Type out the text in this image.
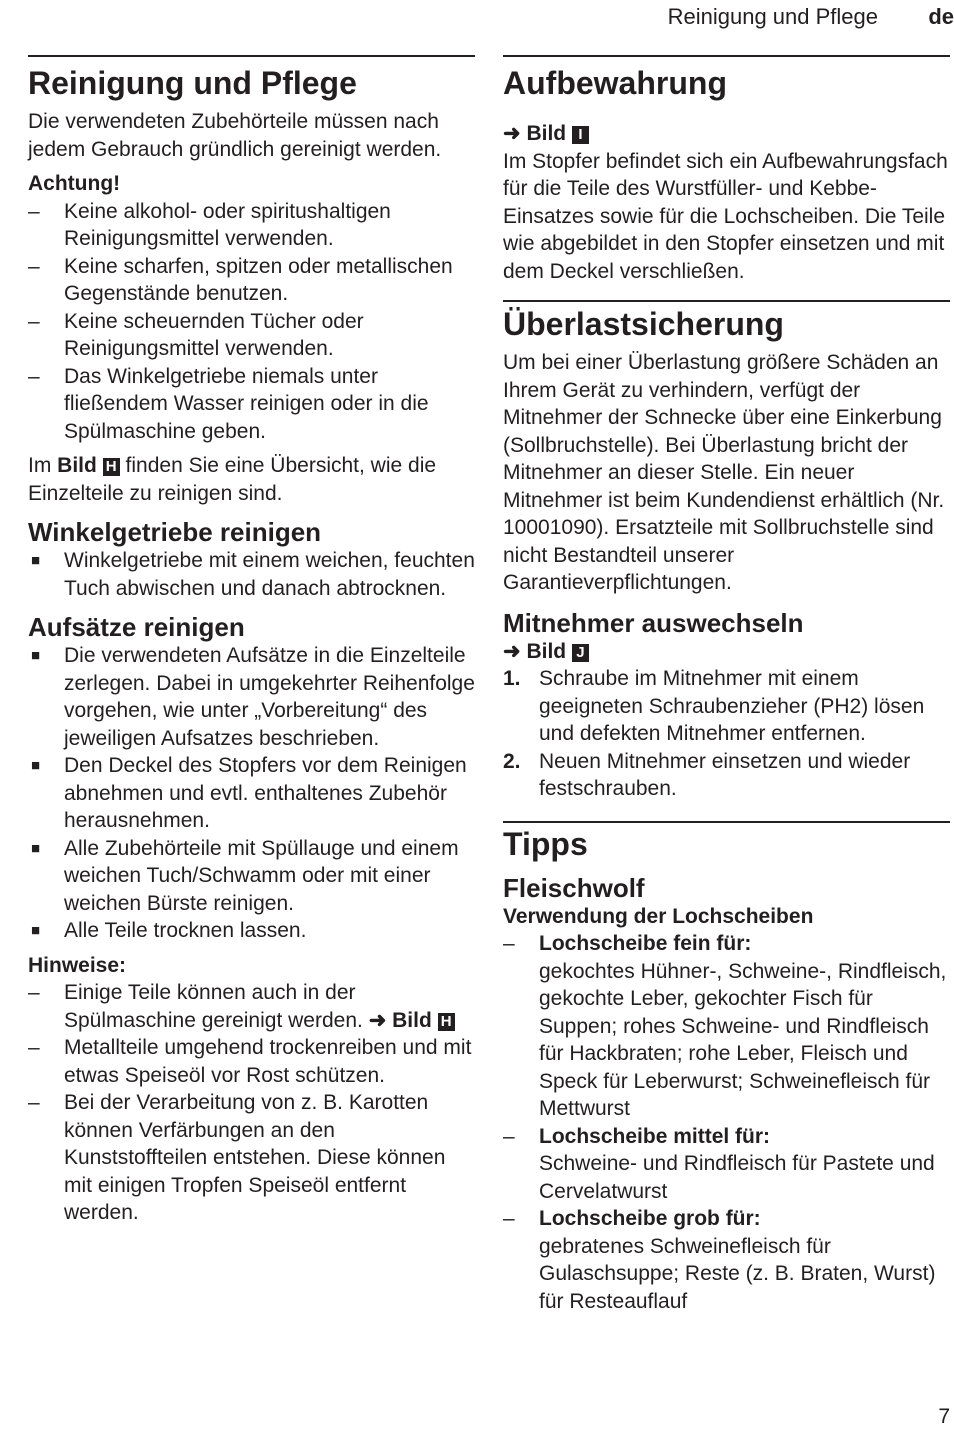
Reinigung und Pflege de
Reinigung und Pflege

Die verwendeten Zubehörteile müssen nach jedem Gebrauch gründlich gereinigt werden.

Achtung!

– Keine alkohol- oder spiritushaltigen Reinigungsmittel verwenden.
– Keine scharfen, spitzen oder metallischen Gegenstände benutzen.
– Keine scheuernden Tücher oder Reinigungsmittel verwenden.
– Das Winkelgetriebe niemals unter fließendem Wasser reinigen oder in die Spülmaschine geben.

Im Bild H finden Sie eine Übersicht, wie die Einzelteile zu reinigen sind.

Winkelgetriebe reinigen
■ Winkelgetriebe mit einem weichen, feuchten Tuch abwischen und danach abtrocknen.
Aufsätze reinigen
■ Die verwendeten Aufsätze in die Einzelteile zerlegen. Dabei in umgekehrter Reihenfolge vorgehen, wie unter „Vorbereitung“ des jeweiligen Aufsatzes beschrieben.
■ Den Deckel des Stopfers vor dem Reinigen abnehmen und evtl. enthaltenes Zubehör herausnehmen.
■ Alle Zubehörteile mit Spüllauge und einem weichen Tuch/Schwamm oder mit einer weichen Bürste reinigen.
■ Alle Teile trocknen lassen.

Hinweise:

– Einige Teile können auch in der Spülmaschine gereinigt werden. ➜ Bild H
– Metallteile umgehend trockenreiben und mit etwas Speiseöl vor Rost schützen.
– Bei der Verarbeitung von z. B. Karotten können Verfärbungen an den Kunststoffteilen entstehen. Diese können mit einigen Tropfen Speiseöl entfernt werden.
Aufbewahrung

➜ Bild I

Im Stopfer befindet sich ein Aufbewahrungsfach für die Teile des Wurstfüller- und Kebbe-Einsatzes sowie für die Lochscheiben. Die Teile wie abgebildet in den Stopfer einsetzen und mit dem Deckel verschließen.

Überlastsicherung

Um bei einer Überlastung größere Schäden an Ihrem Gerät zu verhindern, verfügt der Mitnehmer der Schnecke über eine Einkerbung (Sollbruchstelle). Bei Überlastung bricht der Mitnehmer an dieser Stelle. Ein neuer Mitnehmer ist beim Kundendienst erhältlich (Nr. 10001090). Ersatzteile mit Sollbruchstelle sind nicht Bestandteil unserer Garantieverpflichtungen.

Mitnehmer auswechseln

➜ Bild J

1. Schraube im Mitnehmer mit einem geeigneten Schraubenzieher (PH2) lösen und defekten Mitnehmer entfernen.
2. Neuen Mitnehmer einsetzen und wieder festschrauben.
Tipps
Fleischwolf

Verwendung der Lochscheiben

– Lochscheibe fein für:
gekochtes Hühner-, Schweine-, Rindfleisch, gekochte Leber, gekochter Fisch für Suppen; rohes Schweine- und Rindfleisch für Hackbraten; rohe Leber, Fleisch und Speck für Leberwurst; Schweinefleisch für Mettwurst
– Lochscheibe mittel für:
Schweine- und Rindfleisch für Pastete und Cervelatwurst
– Lochscheibe grob für:
gebratenes Schweinefleisch für Gulaschsuppe; Reste (z. B. Braten, Wurst) für Resteauflauf
7
